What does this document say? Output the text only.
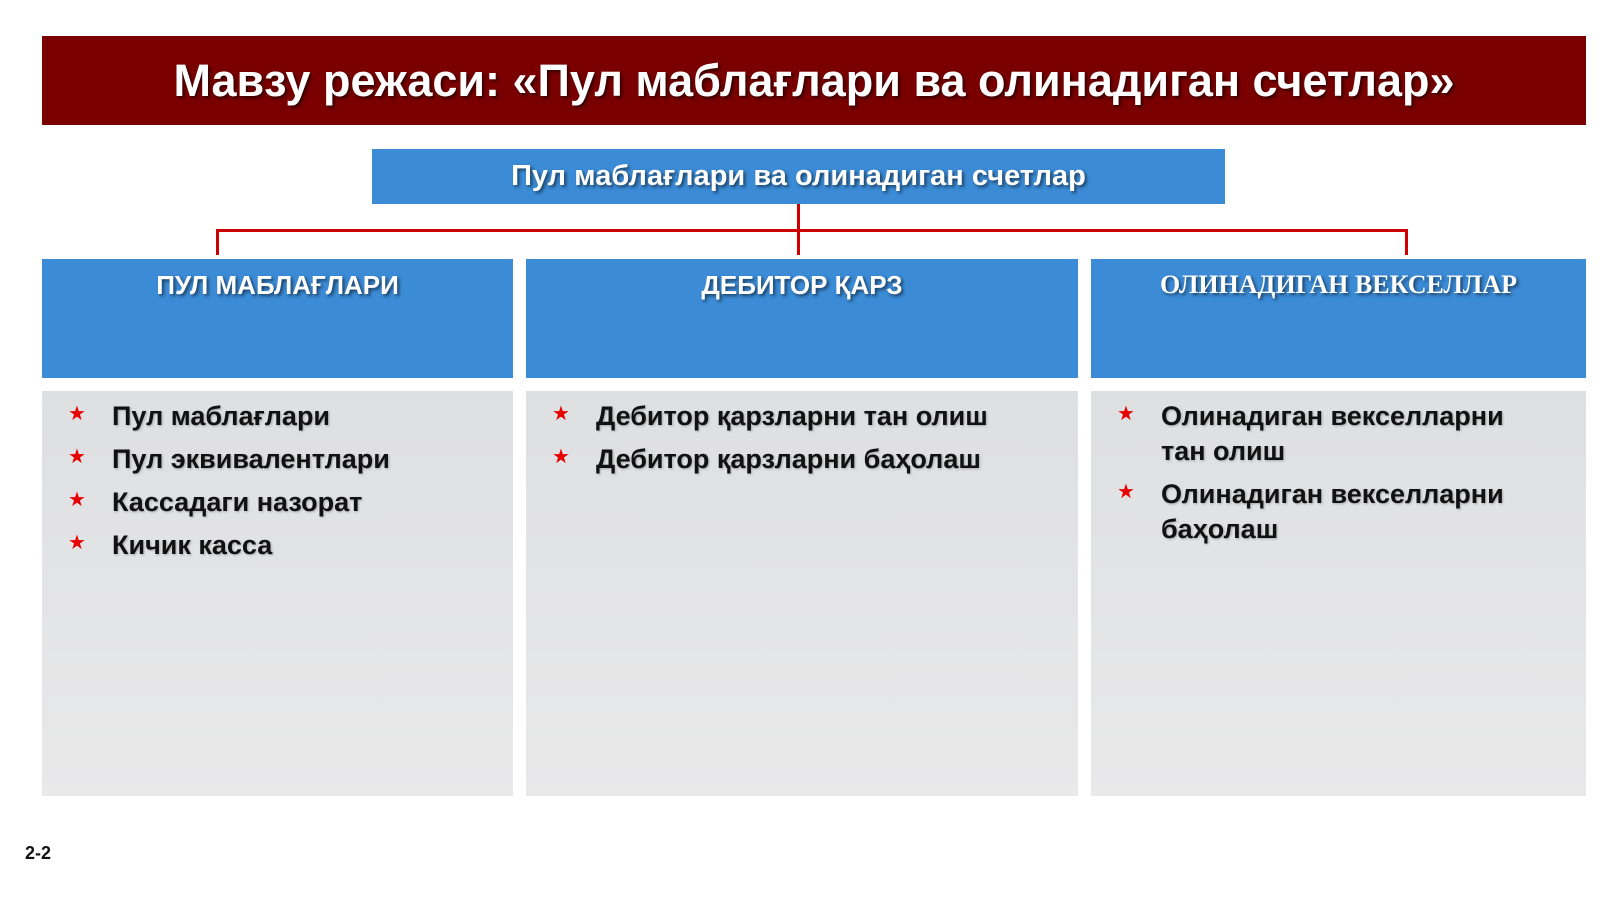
Мавзу режаси: «Пул маблағлари ва олинадиган счетлар»
Пул маблағлари ва олинадиган счетлар
ПУЛ МАБЛАҒЛАРИ
★ Пул маблағлари
★ Пул эквивалентлари
★ Кассадаги назорат
★ Кичик касса
ДЕБИТОР ҚАРЗ
★ Дебитор қарзларни тан олиш
★ Дебитор қарзларни баҳолаш
ОЛИНАДИГАН ВЕКСЕЛЛАР
★ Олинадиган векселларни тан олиш
★ Олинадиган векселларни баҳолаш
2-2
